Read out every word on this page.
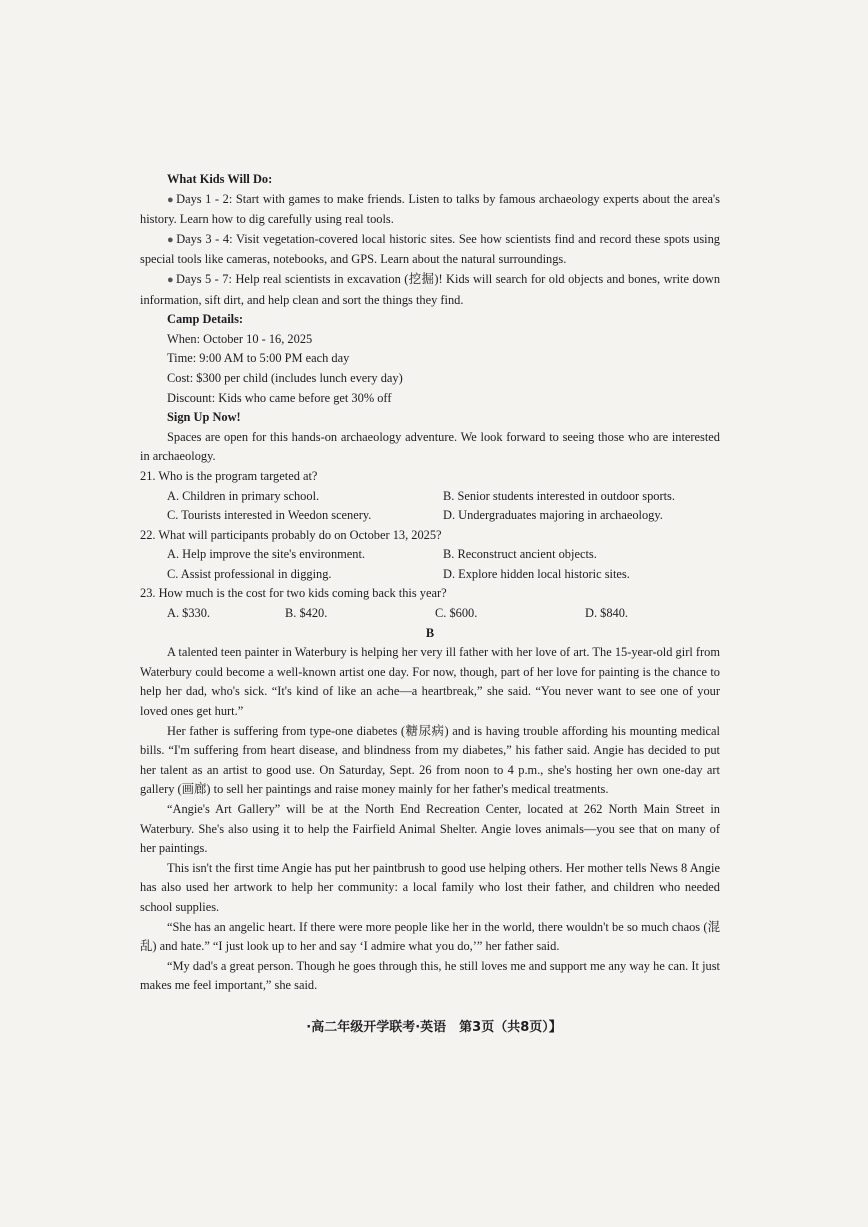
What Kids Will Do:

● Days 1 - 2: Start with games to make friends. Listen to talks by famous archaeology experts about the area's history. Learn how to dig carefully using real tools.

● Days 3 - 4: Visit vegetation-covered local historic sites. See how scientists find and record these spots using special tools like cameras, notebooks, and GPS. Learn about the natural surroundings.

● Days 5 - 7: Help real scientists in excavation (挖掘)! Kids will search for old objects and bones, write down information, sift dirt, and help clean and sort the things they find.

Camp Details:

When: October 10 - 16, 2025

Time: 9:00 AM to 5:00 PM each day

Cost: $300 per child (includes lunch every day)

Discount: Kids who came before get 30% off

Sign Up Now!

Spaces are open for this hands-on archaeology adventure. We look forward to seeing those who are interested in archaeology.

21. Who is the program targeted at?

A. Children in primary school.	B. Senior students interested in outdoor sports.
C. Tourists interested in Weedon scenery.	D. Undergraduates majoring in archaeology.

22. What will participants probably do on October 13, 2025?

A. Help improve the site's environment.	B. Reconstruct ancient objects.
C. Assist professional in digging.	D. Explore hidden local historic sites.

23. How much is the cost for two kids coming back this year?

A. $330.	B. $420.	C. $600.	D. $840.

B

A talented teen painter in Waterbury is helping her very ill father with her love of art. The 15-year-old girl from Waterbury could become a well-known artist one day. For now, though, part of her love for painting is the chance to help her dad, who's sick. “It's kind of like an ache—a heartbreak,” she said. “You never want to see one of your loved ones get hurt.”

Her father is suffering from type-one diabetes (糖尿病) and is having trouble affording his mounting medical bills. “I'm suffering from heart disease, and blindness from my diabetes,” his father said. Angie has decided to put her talent as an artist to good use. On Saturday, Sept. 26 from noon to 4 p.m., she's hosting her own one-day art gallery (画廊) to sell her paintings and raise money mainly for her father's medical treatments.

“Angie's Art Gallery” will be at the North End Recreation Center, located at 262 North Main Street in Waterbury. She's also using it to help the Fairfield Animal Shelter. Angie loves animals—you see that on many of her paintings.

This isn't the first time Angie has put her paintbrush to good use helping others. Her mother tells News 8 Angie has also used her artwork to help her community: a local family who lost their father, and children who needed school supplies.

“She has an angelic heart. If there were more people like her in the world, there wouldn't be so much chaos (混乱) and hate.” “I just look up to her and say ‘I admire what you do,’” her father said.

“My dad's a great person. Though he goes through this, he still loves me and support me any way he can. It just makes me feel important,” she said.

·高二年级开学联考·英语　第3页（共8页）】
